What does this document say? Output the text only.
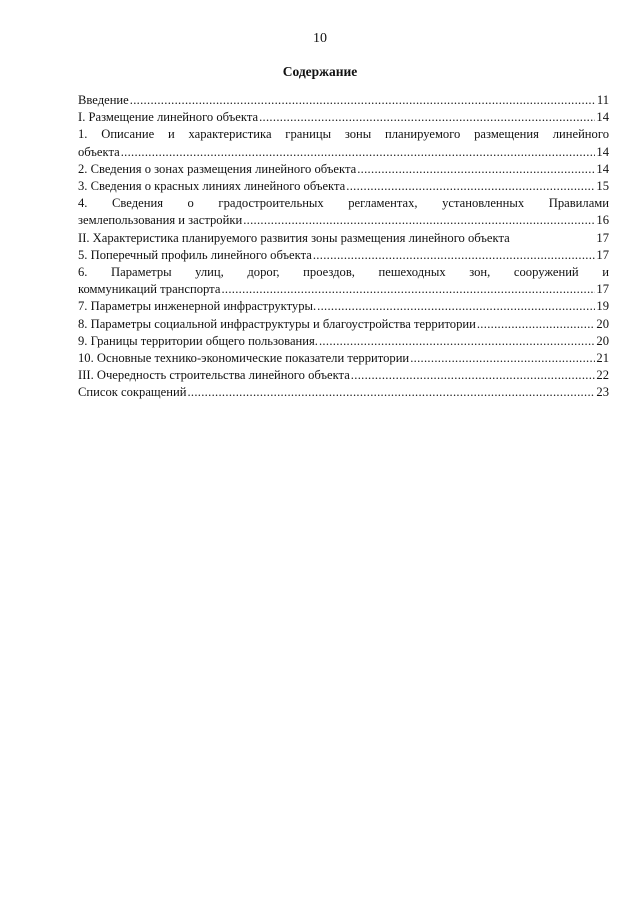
10
Содержание
Введение .....	11
I. Размещение линейного объекта .....	14
1. Описание и характеристика границы зоны планируемого размещения линейного
объекта .....	14
2. Сведения о зонах размещения линейного объекта .....	14
3. Сведения о красных линиях линейного объекта .....	15
4. Сведения о градостроительных регламентах, установленных Правилами
землепользования и застройки .....	16
II. Характеристика планируемого развития зоны размещения линейного объекта	17
5. Поперечный профиль линейного объекта .....	17
6. Параметры улиц, дорог, проездов, пешеходных зон, сооружений и
коммуникаций транспорта .....	17
7. Параметры инженерной инфраструктуры. .....	19
8. Параметры социальной инфраструктуры и благоустройства территории .....	20
9. Границы территории общего пользования. .....	20
10. Основные технико-экономические показатели территории .....	21
III. Очередность строительства линейного объекта .....	22
Список сокращений .....	23
